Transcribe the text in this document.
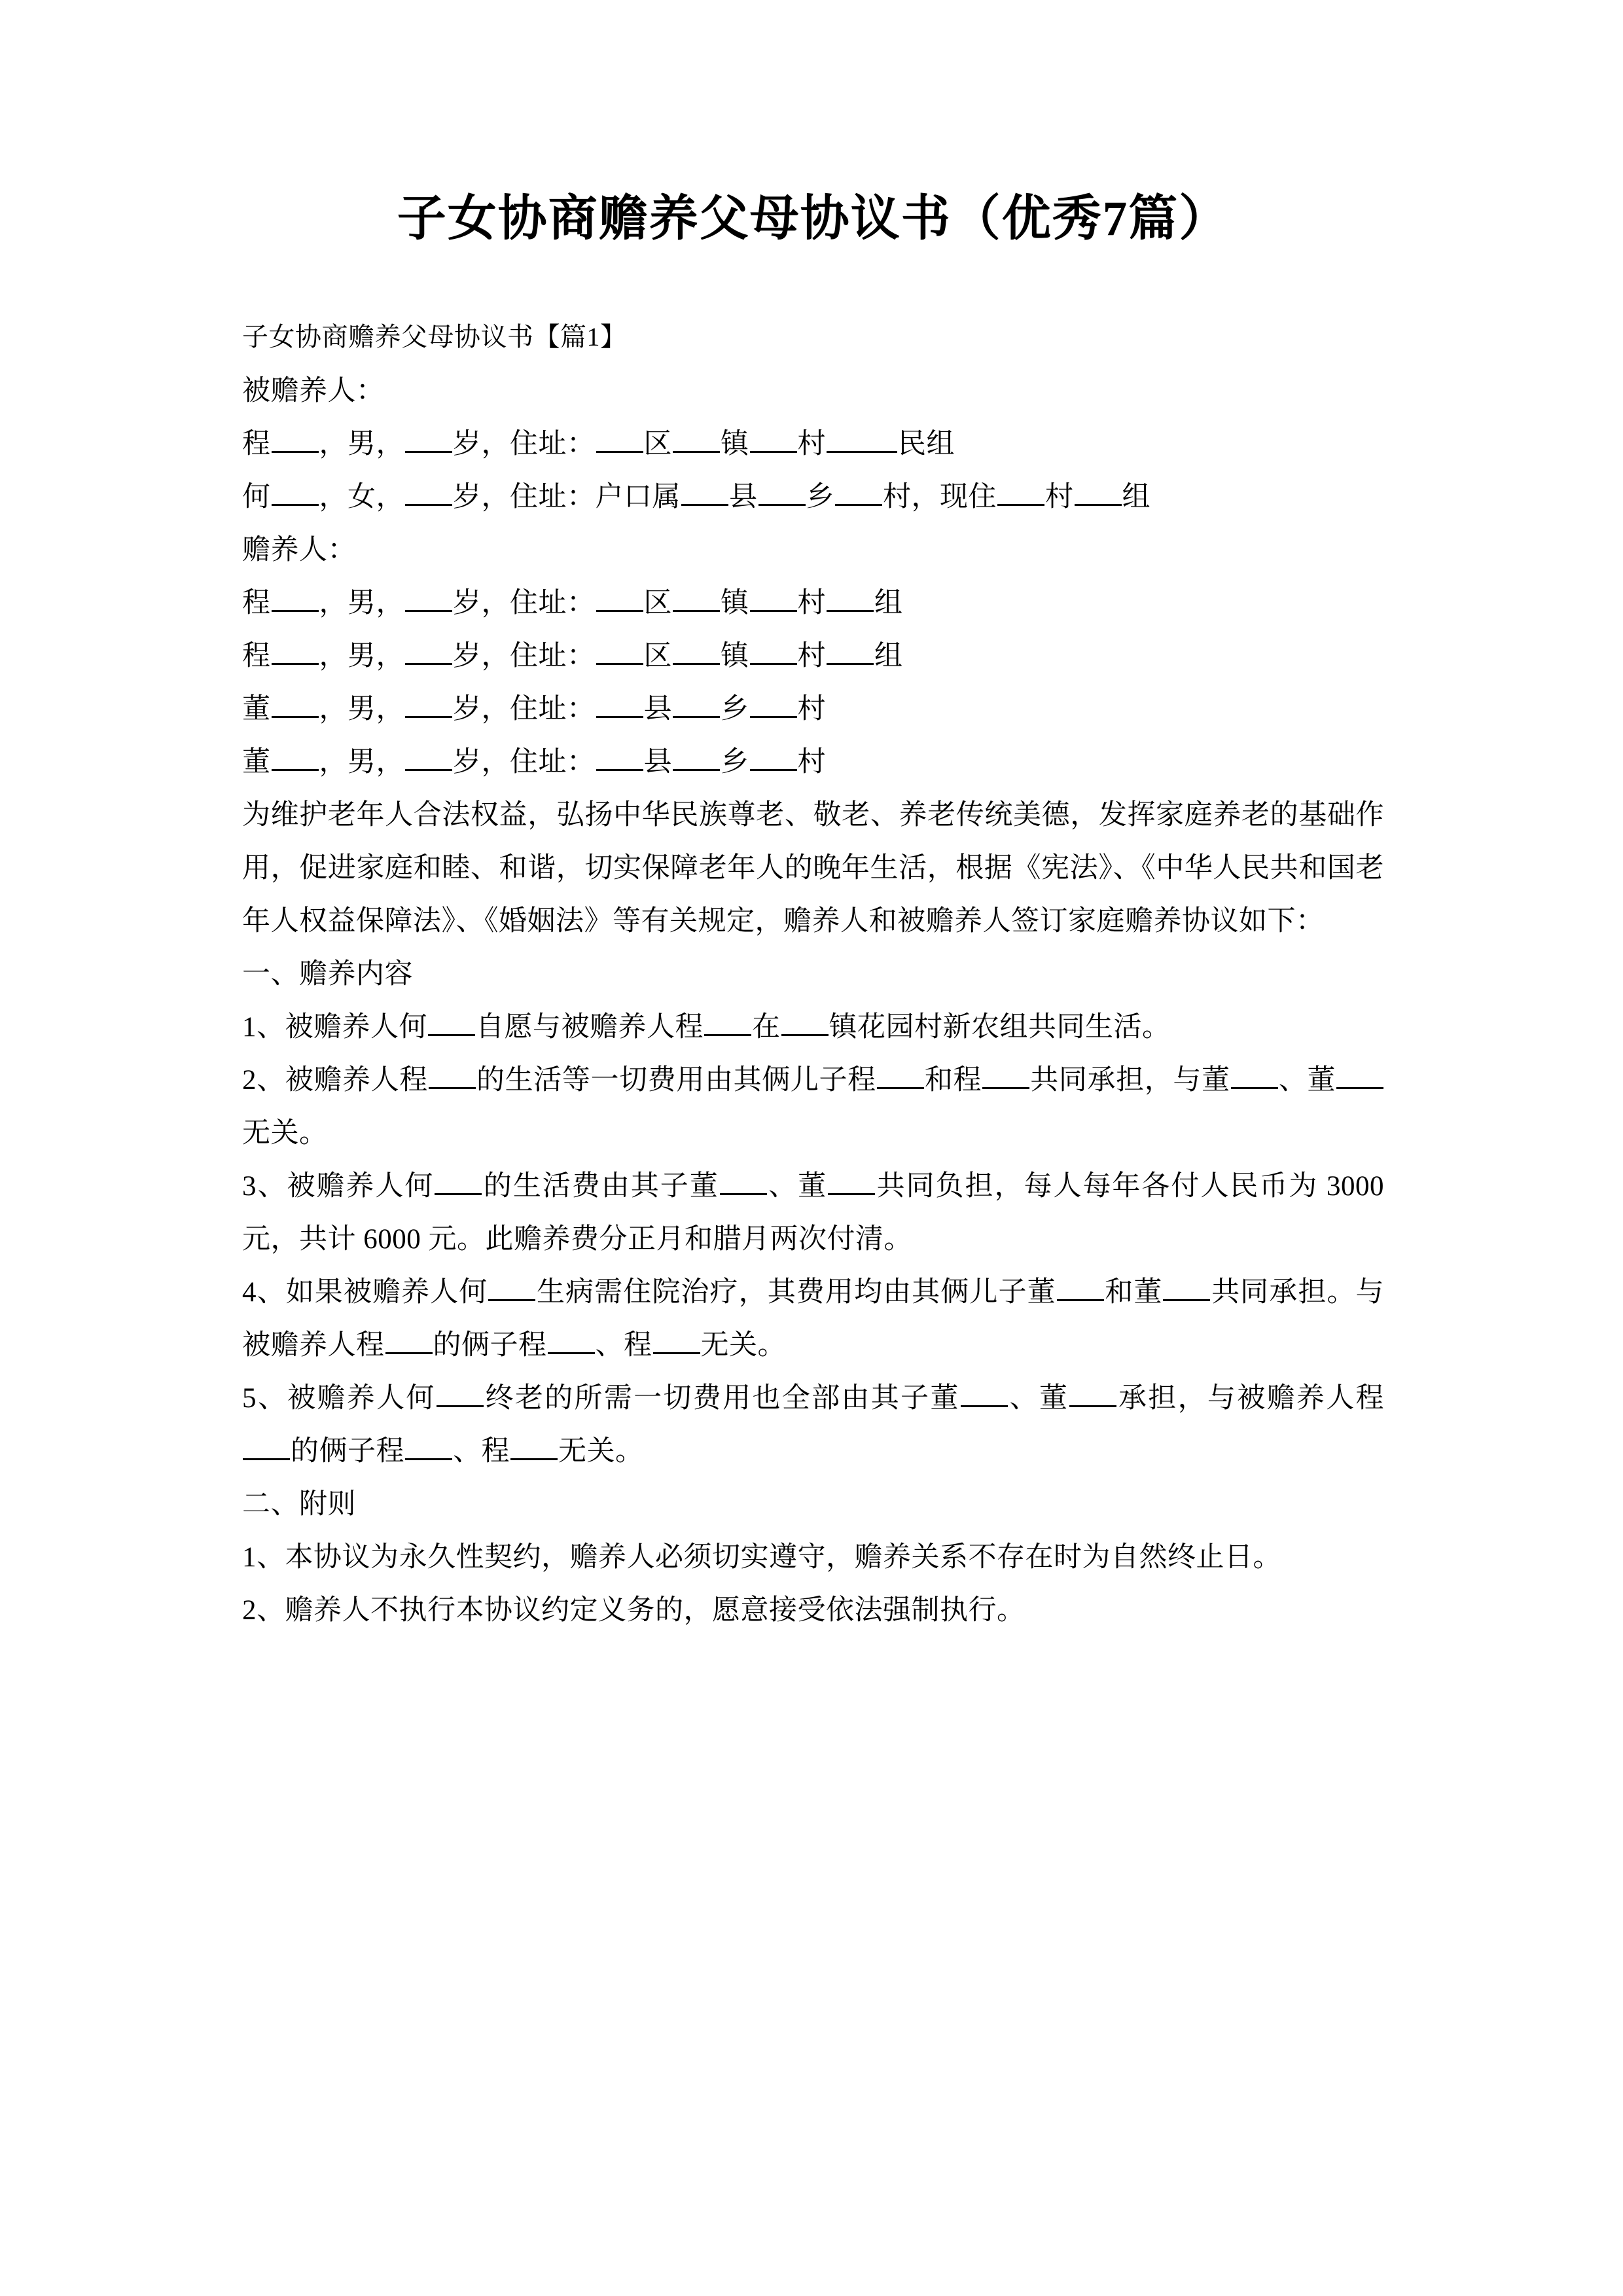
子女协商赡养父母协议书（优秀7篇）

子女协商赡养父母协议书【篇1】

被赡养人：

程 ，男， 岁，住址： 区 镇 村	民组

何 ，女， 岁，住址：户口属 县 乡 村，现住 村 组

赡养人：

程 ，男， 岁，住址： 区 镇 村 组

程 ，男， 岁，住址： 区 镇 村 组

董 ，男， 岁，住址： 县 乡 村

董 ，男， 岁，住址： 县 乡 村

为维护老年人合法权益，弘扬中华民族尊老、敬老、养老传统美德，发挥家庭养老的基础作用，促进家庭和睦、和谐，切实保障老年人的晚年生活，根据《宪法》、《中华人民共和国老年人权益保障法》、《婚姻法》等有关规定，赡养人和被赡养人签订家庭赡养协议如下：

一、赡养内容

1、被赡养人何 自愿与被赡养人程 在 镇花园村新农组共同生活。

2、被赡养人程 的生活等一切费用由其俩儿子程 和程 共同承担，与董 、董无关。

3、被赡养人何 的生活费由其子董 、董 共同负担，每人每年各付人民币为 3000 元，共计 6000 元。此赡养费分正月和腊月两次付清。

4、如果被赡养人何 生病需住院治疗，其费用均由其俩儿子董 和董 共同承担。与被赡养人程 的俩子程 、程 无关。

5、被赡养人何 终老的所需一切费用也全部由其子董 、董 承担，与被赡养人程的俩子程 、程 无关。

二、附则

1、本协议为永久性契约，赡养人必须切实遵守，赡养关系不存在时为自然终止日。

2、赡养人不执行本协议约定义务的，愿意接受依法强制执行。
